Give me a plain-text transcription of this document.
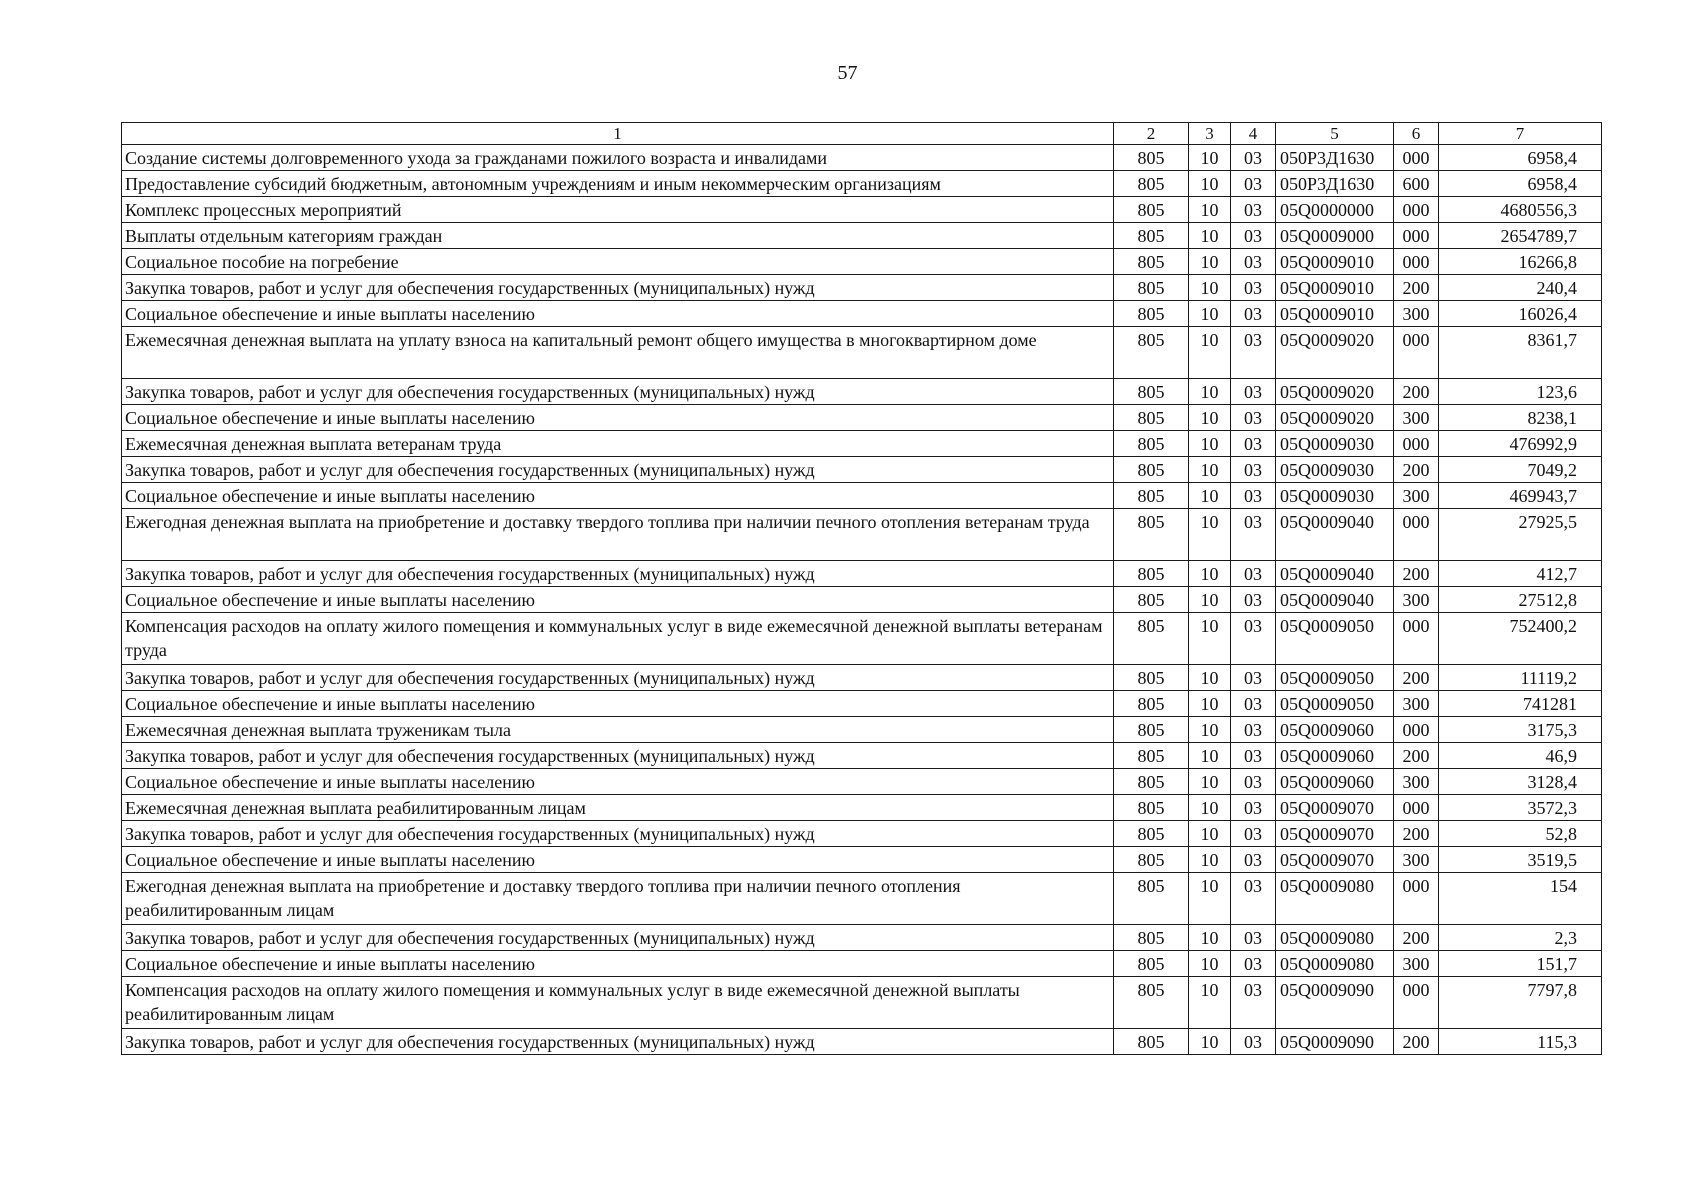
57
1	2	3	4	5	6	7
Создание системы долговременного ухода за гражданами пожилого возраста и инвалидами	805	10	03	050Р3Д1630	000	6958,4
Предоставление субсидий бюджетным, автономным учреждениям и иным некоммерческим организациям	805	10	03	050Р3Д1630	600	6958,4
Комплекс процессных мероприятий	805	10	03	05Q0000000	000	4680556,3
Выплаты отдельным категориям граждан	805	10	03	05Q0009000	000	2654789,7
Социальное пособие на погребение	805	10	03	05Q0009010	000	16266,8
Закупка товаров, работ и услуг для обеспечения государственных (муниципальных) нужд	805	10	03	05Q0009010	200	240,4
Социальное обеспечение и иные выплаты населению	805	10	03	05Q0009010	300	16026,4
Ежемесячная денежная выплата на уплату взноса на капитальный ремонт общего имущества в многоквартирном доме	805	10	03	05Q0009020	000	8361,7
Закупка товаров, работ и услуг для обеспечения государственных (муниципальных) нужд	805	10	03	05Q0009020	200	123,6
Социальное обеспечение и иные выплаты населению	805	10	03	05Q0009020	300	8238,1
Ежемесячная денежная выплата ветеранам труда	805	10	03	05Q0009030	000	476992,9
Закупка товаров, работ и услуг для обеспечения государственных (муниципальных) нужд	805	10	03	05Q0009030	200	7049,2
Социальное обеспечение и иные выплаты населению	805	10	03	05Q0009030	300	469943,7
Ежегодная денежная выплата на приобретение и доставку твердого топлива при наличии печного отопления ветеранам труда	805	10	03	05Q0009040	000	27925,5
Закупка товаров, работ и услуг для обеспечения государственных (муниципальных) нужд	805	10	03	05Q0009040	200	412,7
Социальное обеспечение и иные выплаты населению	805	10	03	05Q0009040	300	27512,8
Компенсация расходов на оплату жилого помещения и коммунальных услуг в виде ежемесячной денежной выплаты ветеранам труда	805	10	03	05Q0009050	000	752400,2
Закупка товаров, работ и услуг для обеспечения государственных (муниципальных) нужд	805	10	03	05Q0009050	200	11119,2
Социальное обеспечение и иные выплаты населению	805	10	03	05Q0009050	300	741281
Ежемесячная денежная выплата труженикам тыла	805	10	03	05Q0009060	000	3175,3
Закупка товаров, работ и услуг для обеспечения государственных (муниципальных) нужд	805	10	03	05Q0009060	200	46,9
Социальное обеспечение и иные выплаты населению	805	10	03	05Q0009060	300	3128,4
Ежемесячная денежная выплата реабилитированным лицам	805	10	03	05Q0009070	000	3572,3
Закупка товаров, работ и услуг для обеспечения государственных (муниципальных) нужд	805	10	03	05Q0009070	200	52,8
Социальное обеспечение и иные выплаты населению	805	10	03	05Q0009070	300	3519,5
Ежегодная денежная выплата на приобретение и доставку твердого топлива при наличии печного отопления реабилитированным лицам	805	10	03	05Q0009080	000	154
Закупка товаров, работ и услуг для обеспечения государственных (муниципальных) нужд	805	10	03	05Q0009080	200	2,3
Социальное обеспечение и иные выплаты населению	805	10	03	05Q0009080	300	151,7
Компенсация расходов на оплату жилого помещения и коммунальных услуг в виде ежемесячной денежной выплаты реабилитированным лицам	805	10	03	05Q0009090	000	7797,8
Закупка товаров, работ и услуг для обеспечения государственных (муниципальных) нужд	805	10	03	05Q0009090	200	115,3
